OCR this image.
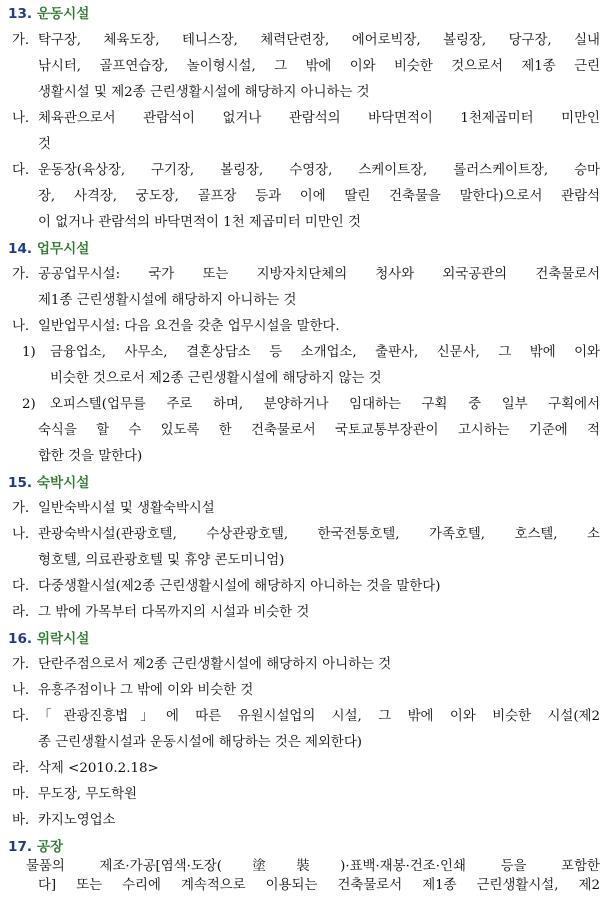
13. 운동시설
가. 탁구장, 체육도장, 테니스장, 체력단련장, 에어로빅장, 볼링장, 당구장, 실내
낚시터, 골프연습장, 놀이형시설, 그 밖에 이와 비슷한 것으로서 제1종 근린
생활시설 및 제2종 근린생활시설에 해당하지 아니하는 것
나. 체육관으로서 관람석이 없거나 관람석의 바닥면적이 1천제곱미터 미만인
것
다. 운동장(육상장, 구기장, 볼링장, 수영장, 스케이트장, 롤러스케이트장, 승마
장, 사격장, 궁도장, 골프장 등과 이에 딸린 건축물을 말한다)으로서 관람석
이 없거나 관람석의 바닥면적이 1천 제곱미터 미만인 것
14. 업무시설
가. 공공업무시설: 국가 또는 지방자치단체의 청사와 외국공관의 건축물로서
제1종 근린생활시설에 해당하지 아니하는 것
나. 일반업무시설: 다음 요건을 갖춘 업무시설을 말한다.
1)	금융업소, 사무소, 결혼상담소 등 소개업소, 출판사, 신문사, 그 밖에 이와
비슷한 것으로서 제2종 근린생활시설에 해당하지 않는 것
2)	오피스텔(업무를 주로 하며, 분양하거나 임대하는 구획 중 일부 구획에서
숙식을 할 수 있도록 한 건축물로서 국토교통부장관이 고시하는 기준에 적
합한 것을 말한다)
15. 숙박시설
가. 일반숙박시설 및 생활숙박시설
나. 관광숙박시설(관광호텔, 수상관광호텔, 한국전통호텔, 가족호텔, 호스텔, 소
형호텔, 의료관광호텔 및 휴양 콘도미니엄)
다. 다중생활시설(제2종 근린생활시설에 해당하지 아니하는 것을 말한다)
라. 그 밖에 가목부터 다목까지의 시설과 비슷한 것
16. 위락시설
가. 단란주점으로서 제2종 근린생활시설에 해당하지 아니하는 것
나. 유흥주점이나 그 밖에 이와 비슷한 것
다. 「관광진흥법」에 따른 유원시설업의 시설, 그 밖에 이와 비슷한 시설(제2
종 근린생활시설과 운동시설에 해당하는 것은 제외한다)
라. 삭제 <2010.2.18>
마. 무도장, 무도학원
바. 카지노영업소
17. 공장
물품의 제조·가공[염색·도장(塗裝)·표백·재봉·건조·인쇄 등을 포함한
다] 또는 수리에 계속적으로 이용되는 건축물로서 제1종 근린생활시설, 제2
